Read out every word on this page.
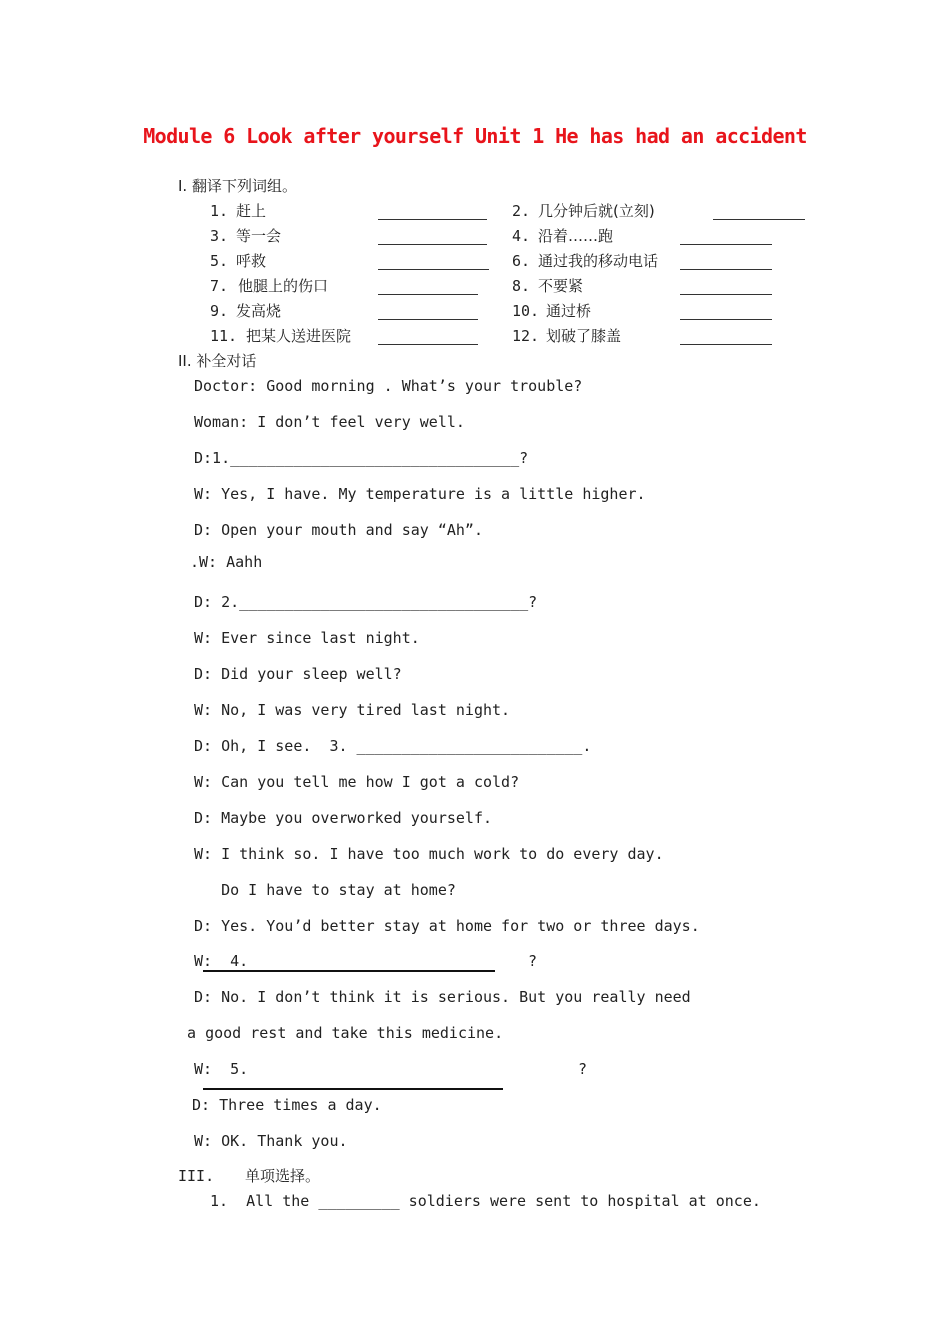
Module 6 Look after yourself Unit 1 He has had an accident
I. 翻译下列词组。
1. 赶上	2. 几分钟后就(立刻)
3. 等一会	4. 沿着……跑
5. 呼救	6. 通过我的移动电话
7. 他腿上的伤口	8. 不要紧
9. 发高烧	10. 通过桥
11. 把某人送进医院	12. 划破了膝盖
II. 补全对话
Doctor: Good morning . What’s your trouble?
Woman: I don’t feel very well.
D:1.________________________________?
W: Yes, I have. My temperature is a little higher.
D: Open your mouth and say “Ah”.
.W: Aahh
D: 2.________________________________?
W: Ever since last night.
D: Did your sleep well?
W: No, I was very tired last night.
D: Oh, I see.  3. _________________________.
W: Can you tell me how I got a cold?
D: Maybe you overworked yourself.
W: I think so. I have too much work to do every day.
Do I have to stay at home?
D: Yes. You’d better stay at home for two or three days.
W:  4.	?
D: No. I don’t think it is serious. But you really need
a good rest and take this medicine.
W:  5.	?
D: Three times a day.
W: OK. Thank you.
III. 单项选择。
1.  All the _________ soldiers were sent to hospital at once.
